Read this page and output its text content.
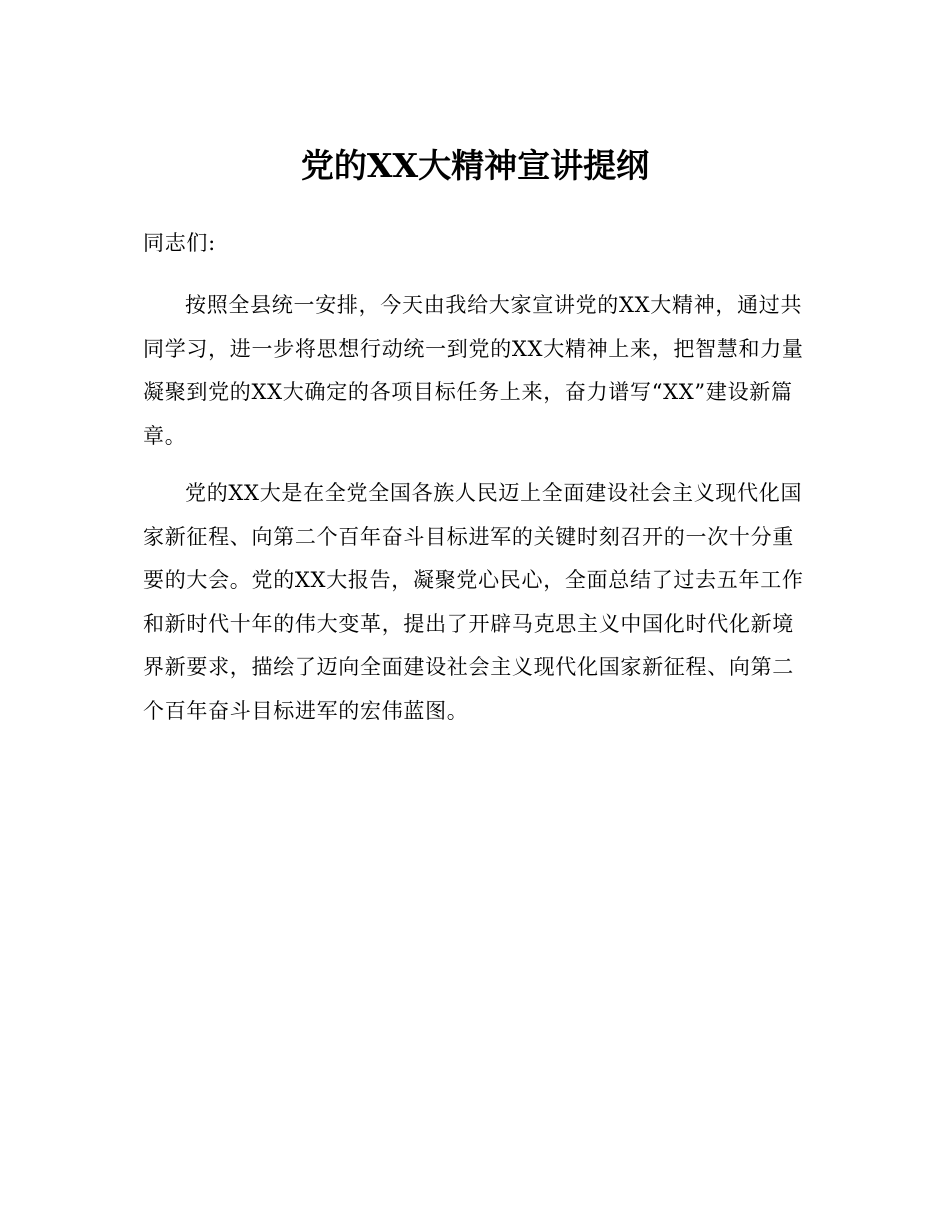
党的XX大精神宣讲提纲

同志们:

按照全县统一安排，今天由我给大家宣讲党的XX大精神，通过共同学习，进一步将思想行动统一到党的XX大精神上来，把智慧和力量凝聚到党的XX大确定的各项目标任务上来，奋力谱写“XX”建设新篇章。

党的XX大是在全党全国各族人民迈上全面建设社会主义现代化国家新征程、向第二个百年奋斗目标进军的关键时刻召开的一次十分重要的大会。党的XX大报告，凝聚党心民心，全面总结了过去五年工作和新时代十年的伟大变革，提出了开辟马克思主义中国化时代化新境界新要求，描绘了迈向全面建设社会主义现代化国家新征程、向第二个百年奋斗目标进军的宏伟蓝图。
